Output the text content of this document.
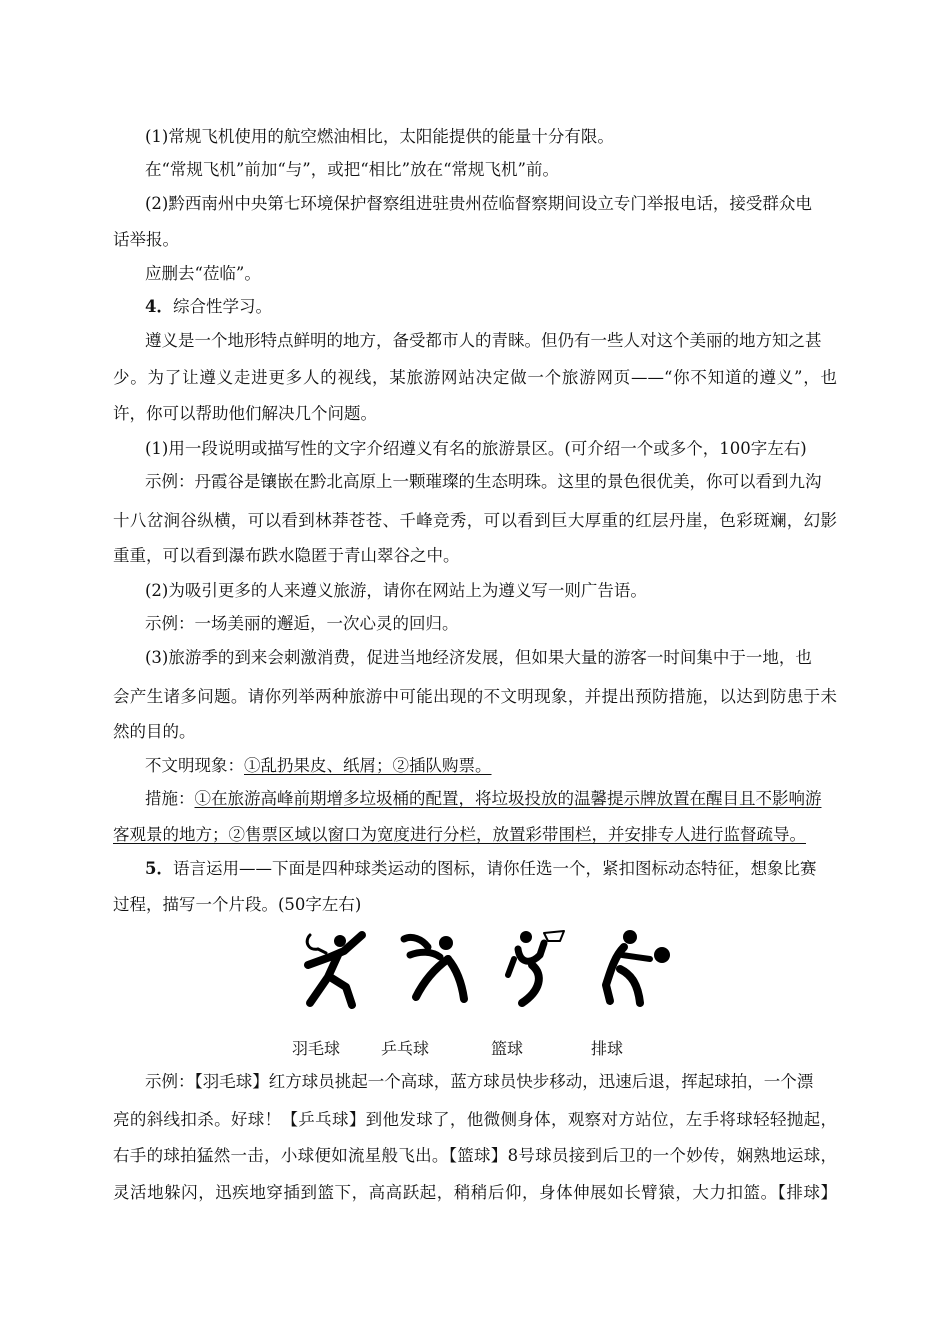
(1)常规飞机使用的航空燃油相比，太阳能提供的能量十分有限。
在“常规飞机”前加“与”，或把“相比”放在“常规飞机”前。
(2)黔西南州中央第七环境保护督察组进驻贵州莅临督察期间设立专门举报电话，接受群众电
话举报。
应删去“莅临”。
4．综合性学习。
遵义是一个地形特点鲜明的地方，备受都市人的青睐。但仍有一些人对这个美丽的地方知之甚
少。为了让遵义走进更多人的视线，某旅游网站决定做一个旅游网页——“你不知道的遵义”，也
许，你可以帮助他们解决几个问题。
(1)用一段说明或描写性的文字介绍遵义有名的旅游景区。(可介绍一个或多个，100字左右)
示例：丹霞谷是镶嵌在黔北高原上一颗璀璨的生态明珠。这里的景色很优美，你可以看到九沟
十八岔涧谷纵横，可以看到林莽苍苍、千峰竞秀，可以看到巨大厚重的红层丹崖，色彩斑斓，幻影
重重，可以看到瀑布跌水隐匿于青山翠谷之中。
(2)为吸引更多的人来遵义旅游，请你在网站上为遵义写一则广告语。
示例：一场美丽的邂逅，一次心灵的回归。
(3)旅游季的到来会刺激消费，促进当地经济发展，但如果大量的游客一时间集中于一地，也
会产生诸多问题。请你列举两种旅游中可能出现的不文明现象，并提出预防措施，以达到防患于未
然的目的。
不文明现象：①乱扔果皮、纸屑；②插队购票。
措施：①在旅游高峰前期增多垃圾桶的配置，将垃圾投放的温馨提示牌放置在醒目且不影响游
客观景的地方；②售票区域以窗口为宽度进行分栏，放置彩带围栏，并安排专人进行监督疏导。
5．语言运用——下面是四种球类运动的图标，请你任选一个，紧扣图标动态特征，想象比赛
过程，描写一个片段。(50字左右)
羽毛球	乒乓球	篮球	排球
示例：【羽毛球】红方球员挑起一个高球，蓝方球员快步移动，迅速后退，挥起球拍，一个漂
亮的斜线扣杀。好球！【乒乓球】到他发球了，他微侧身体，观察对方站位，左手将球轻轻抛起，
右手的球拍猛然一击，小球便如流星般飞出。【篮球】8号球员接到后卫的一个妙传，娴熟地运球，
灵活地躲闪，迅疾地穿插到篮下，高高跃起，稍稍后仰，身体伸展如长臂猿，大力扣篮。【排球】
